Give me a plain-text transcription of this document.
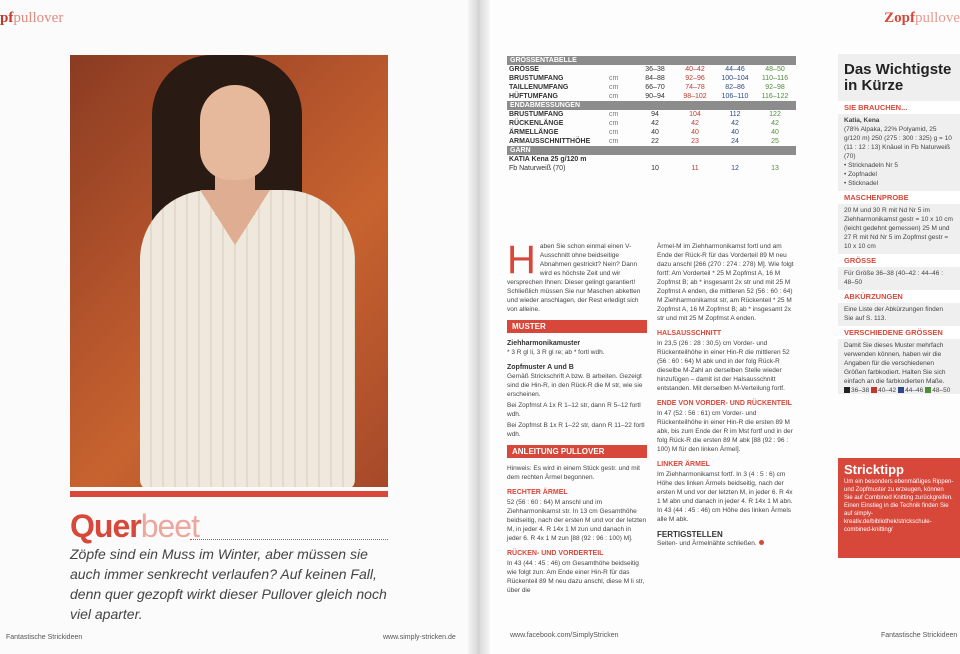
pfpullover
Querbeet
Zöpfe sind ein Muss im Winter, aber müssen sie auch immer senkrecht verlaufen? Auf keinen Fall, denn quer gezopft wirkt dieser Pullover gleich noch viel aparter.
Fantastische Strickideen	www.simply-stricken.de
Zopfpullove
GRÖSSENTABELLE
GRÖSSE	36–38	40–42	44–46	48–50
BRUSTUMFANG	cm	84–88	92–96	100–104	110–116
TAILLENUMFANG	cm	66–70	74–78	82–86	92–98
HÜFTUMFANG	cm	90–94	98–102	106–110	116–122
ENDABMESSUNGEN
BRUSTUMFANG	cm	94	104	112	122
RÜCKENLÄNGE	cm	42	42	42	42
ÄRMELLÄNGE	cm	40	40	40	40
ARMAUSSCHNITTHÖHE	cm	22	23	24	25
GARN
KATIA Kena 25 g/120 m
Fb Naturweiß (70)	10	11	12	13
H aben Sie schon einmal einen V-Ausschnitt ohne beidseitige Abnahmen gestrickt? Nein? Dann wird es höchste Zeit und wir versprechen Ihnen: Dieser gelingt garantiert! Schließlich müssen Sie nur Maschen abketten und wieder anschlagen, der Rest erledigt sich von alleine.
MUSTER
Ziehharmonikamuster
* 3 R gl li, 3 R gl re; ab * fortl wdh.
Zopfmuster A und B
Gemäß Strickschrift A bzw. B arbeiten. Gezeigt sind die Hin-R, in den Rück-R die M str, wie sie erscheinen.
Bei Zopfmst A 1x R 1–12 str, dann R 5–12 fortl wdh.
Bei Zopfmst B 1x R 1–22 str, dann R 11–22 fortl wdh.
ANLEITUNG PULLOVER
Hinweis: Es wird in einem Stück gestr. und mit dem rechten Ärmel begonnen.
RECHTER ÄRMEL
52 (56 : 60 : 64) M anschl und im Ziehharmonikamst str. In 13 cm Gesamthöhe beidseitig, nach der ersten M und vor der letzten M, in jeder 4. R 14x 1 M zun und danach in jeder 6. R 4x 1 M zun [88 (92 : 96 : 100) M].
RÜCKEN- UND VORDERTEIL
In 43 (44 : 45 : 46) cm Gesamthöhe beidseitig wie folgt zun: Am Ende einer Hin-R für das Rückenteil 89 M neu dazu anschl, diese M li str, über die
Ärmel-M im Ziehharmonikamst fortl und am Ende der Rück-R für das Vorderteil 89 M neu dazu anschl [266 (270 : 274 : 278) M]. Wie folgt fortf: Am Vorderteil * 25 M Zopfmst A, 16 M Zopfmst B; ab * insgesamt 2x str und mit 25 M Zopfmst A enden, die mittleren 52 (56 : 60 : 64) M Ziehharmonikamst str, am Rückenteil * 25 M Zopfmst A, 16 M Zopfmst B; ab * insgesamt 2x str und mit 25 M Zopfmst A enden.
HALSAUSSCHNITT
In 23,5 (26 : 28 : 30,5) cm Vorder- und Rückenteilhöhe in einer Hin-R die mittleren 52 (56 : 60 : 64) M abk und in der folg Rück-R dieselbe M-Zahl an derselben Stelle wieder hinzufügen – damit ist der Halsausschnitt entstanden. Mit derselben M-Verteilung fortf.
ENDE VON VORDER- UND RÜCKENTEIL
In 47 (52 : 56 : 61) cm Vorder- und Rückenteilhöhe in einer Hin-R die ersten 89 M abk, bis zum Ende der R im Mst fortf und in der folg Rück-R die ersten 89 M abk [88 (92 : 96 : 100) M für den linken Ärmel].
LINKER ÄRMEL
Im Ziehharmonikamst fortf. In 3 (4 : 5 : 6) cm Höhe des linken Ärmels beidseitig, nach der ersten M und vor der letzten M, in jeder 6. R 4x 1 M abn und danach in jeder 4. R 14x 1 M abn. In 43 (44 : 45 : 46) cm Höhe des linken Ärmels alle M abk.
FERTIGSTELLEN
Seiten- und Ärmelnähte schließen.
Das Wichtigste in Kürze
SIE BRAUCHEN...
Katia, Kena
(78% Alpaka, 22% Polyamid, 25 g/120 m) 250 (275 : 300 : 325) g = 10 (11 : 12 : 13) Knäuel in Fb Naturweiß (70)
• Stricknadeln Nr 5
• Zopfnadel
• Sticknadel
MASCHENPROBE
20 M und 30 R mit Nd Nr 5 im Ziehharmonikamst gestr = 10 x 10 cm (leicht gedehnt gemessen) 25 M und 27 R mit Nd Nr 5 im Zopfmst gestr = 10 x 10 cm
GRÖSSE
Für Größe 36–38 (40–42 : 44–46 : 48–50
ABKÜRZUNGEN
Eine Liste der Abkürzungen finden Sie auf S. 113.
VERSCHIEDENE GRÖSSEN
Damit Sie dieses Muster mehrfach verwenden können, haben wir die Angaben für die verschiedenen Größen farbkodiert. Halten Sie sich einfach an die farbkodierten Maße.
36–38 40–42 44–46 48–50
Stricktipp
Um ein besonders ebenmäßiges Rippen- und Zopfmuster zu erzeugen, können Sie auf Combined Knitting zurückgreifen. Einen Einstieg in die Technik finden Sie auf simply-kreativ.de/bibliothek/strickschule-combined-knitting/
www.facebook.com/SimplyStricken	Fantastische Strickideen
